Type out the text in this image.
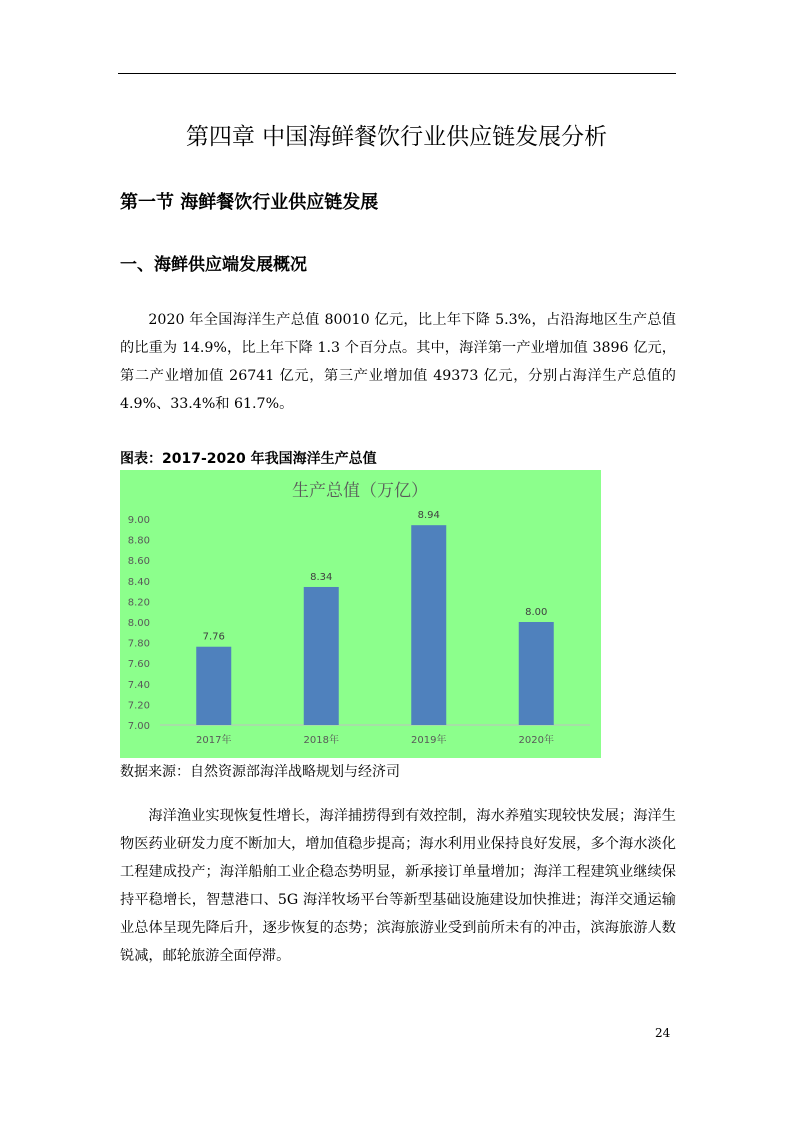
第四章 中国海鲜餐饮行业供应链发展分析
第一节 海鲜餐饮行业供应链发展
一、海鲜供应端发展概况

2020 年全国海洋生产总值 80010 亿元，比上年下降 5.3%，占沿海地区生产总值的比重为 14.9%，比上年下降 1.3 个百分点。其中，海洋第一产业增加值 3896 亿元，第二产业增加值 26741 亿元，第三产业增加值 49373 亿元，分别占海洋生产总值的 4.9%、33.4%和 61.7%。

图表：2017-2020 年我国海洋生产总值
生产总值（万亿）
7.00
7.20
7.40
7.60
7.80
8.00
8.20
8.40
8.60
8.80
9.00
7.76
2017年
8.34
2018年
8.94
2019年
8.00
2020年
数据来源：自然资源部海洋战略规划与经济司

海洋渔业实现恢复性增长，海洋捕捞得到有效控制，海水养殖实现较快发展；海洋生物医药业研发力度不断加大，增加值稳步提高；海水利用业保持良好发展，多个海水淡化工程建成投产；海洋船舶工业企稳态势明显，新承接订单量增加；海洋工程建筑业继续保持平稳增长，智慧港口、5G 海洋牧场平台等新型基础设施建设加快推进；海洋交通运输业总体呈现先降后升，逐步恢复的态势；滨海旅游业受到前所未有的冲击，滨海旅游人数锐减，邮轮旅游全面停滞。

24
